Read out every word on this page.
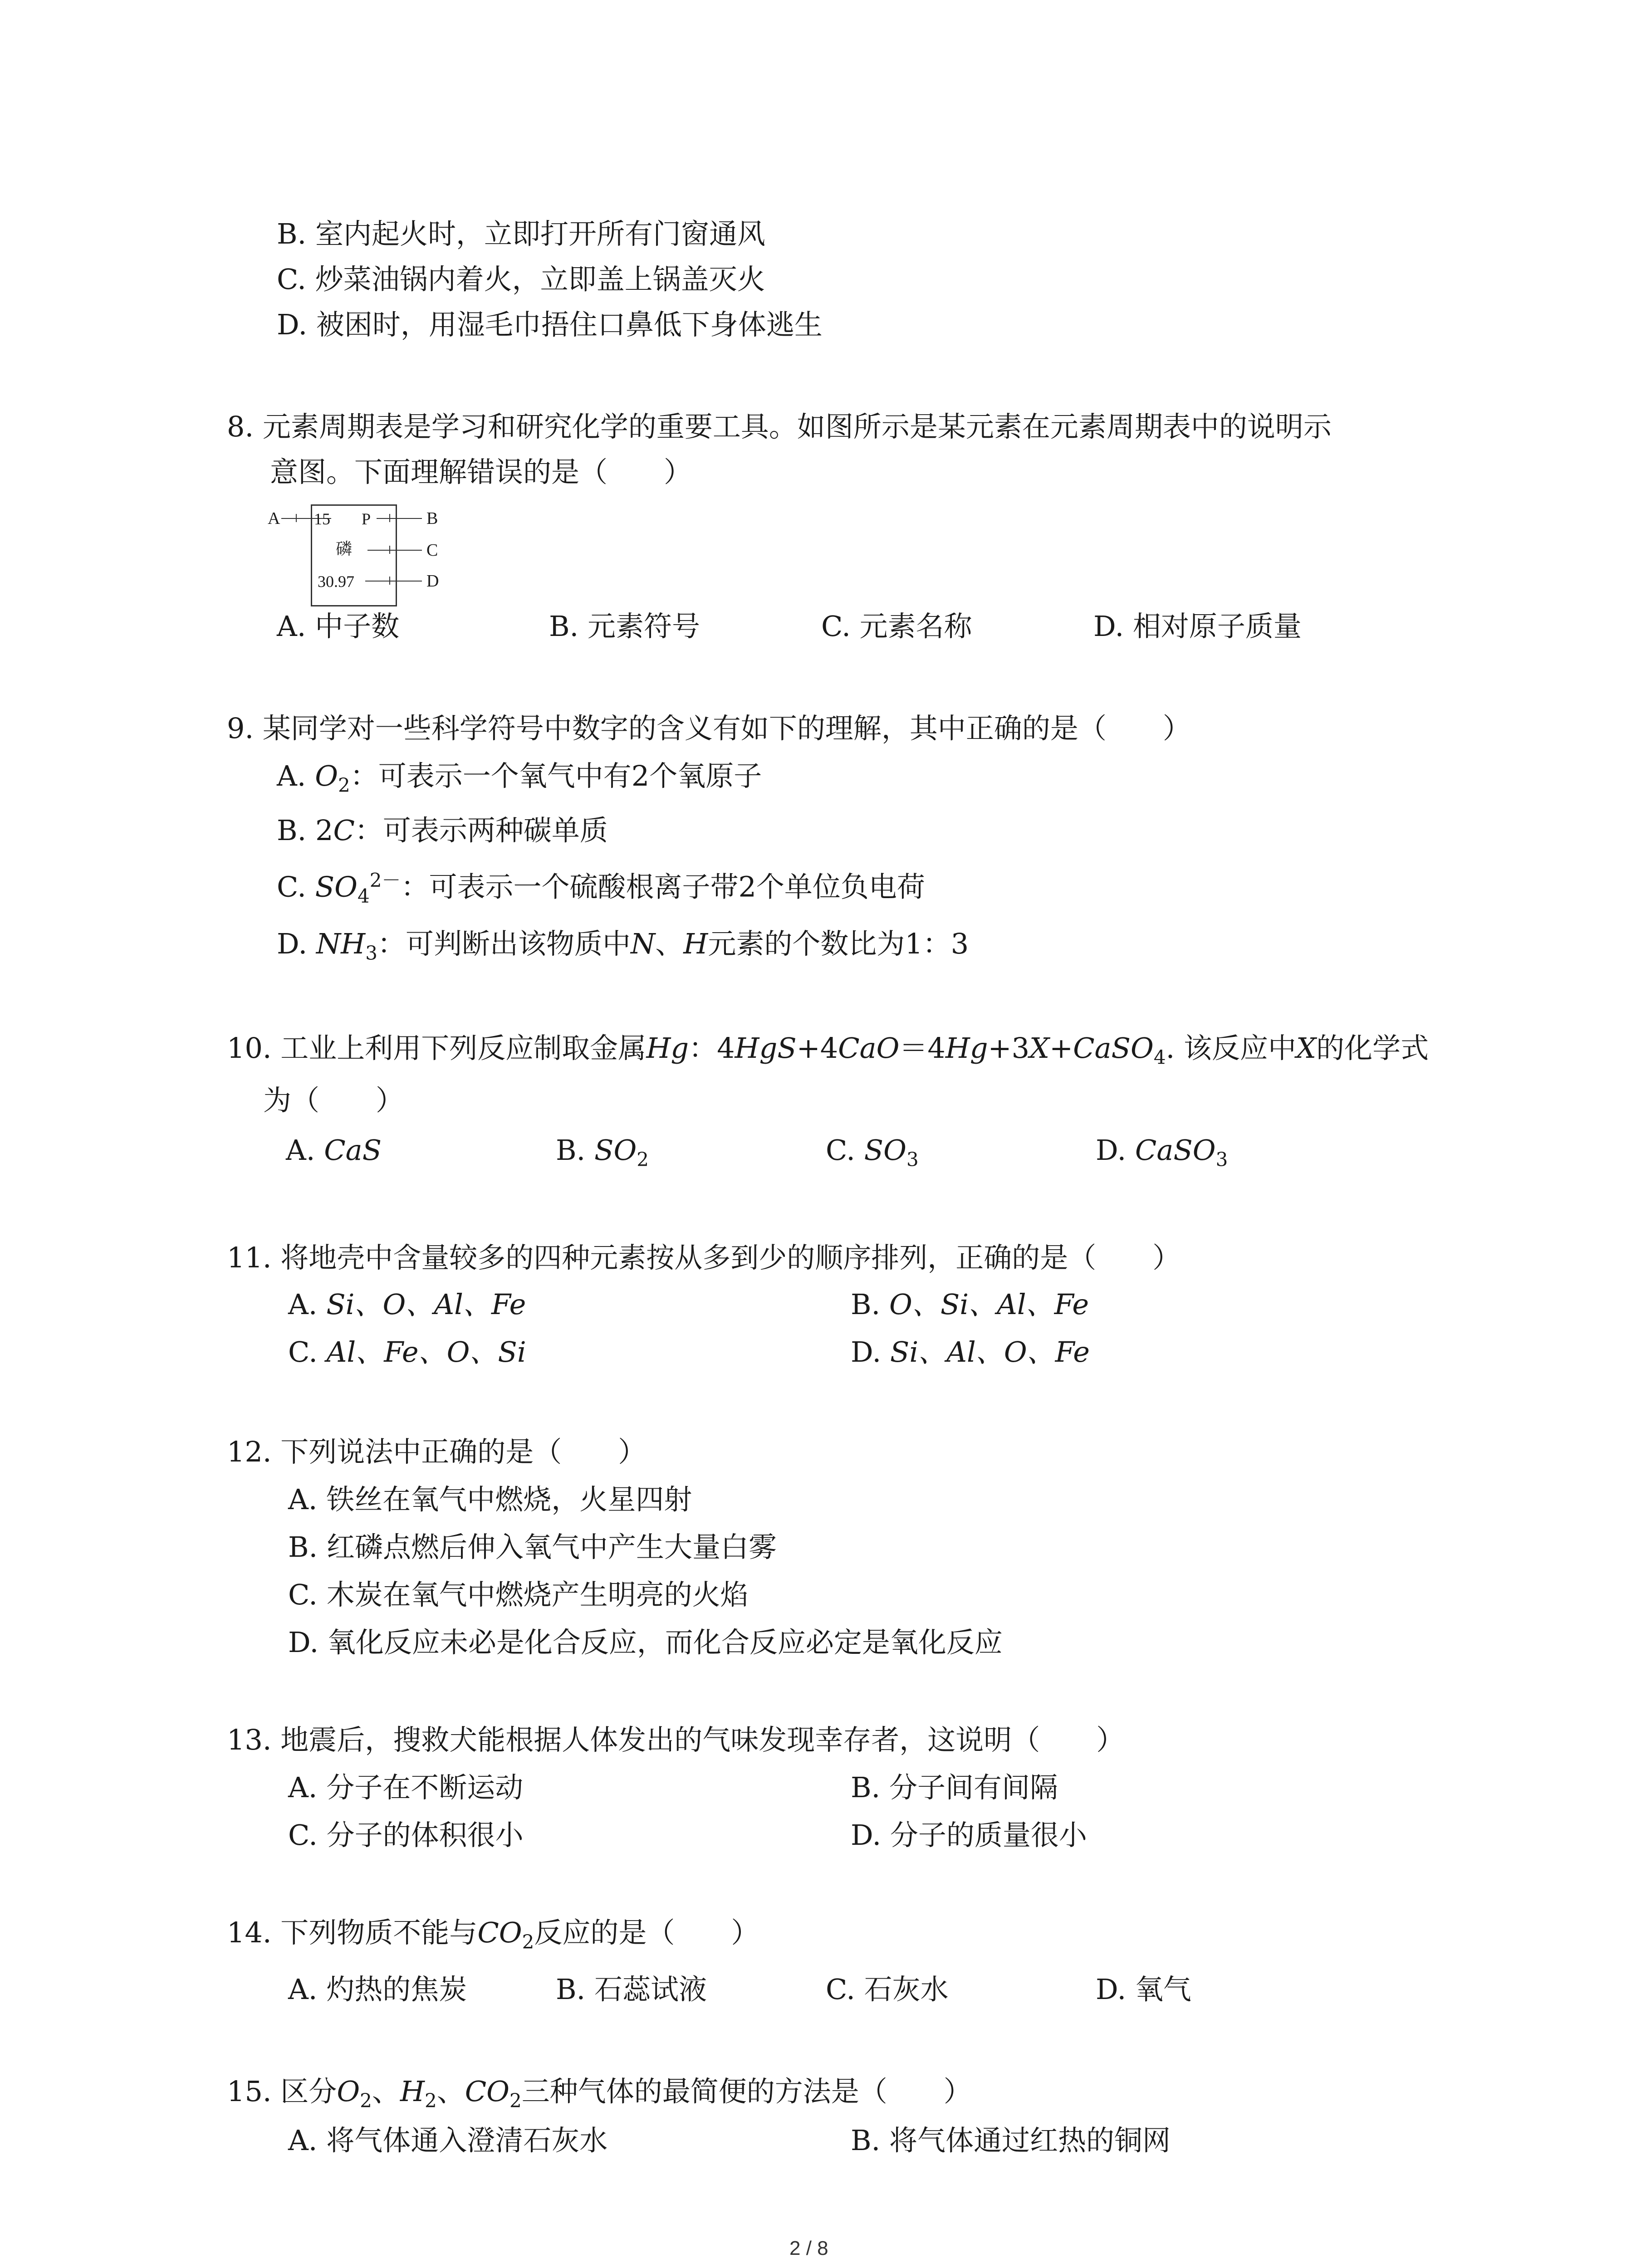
B. 室内起火时，立即打开所有门窗通风
C. 炒菜油锅内着火，立即盖上锅盖灭火
D. 被困时，用湿毛巾捂住口鼻低下身体逃生
8. 元素周期表是学习和研究化学的重要工具。如图所示是某元素在元素周期表中的说明示
意图。下面理解错误的是（　　）
A 15 P	B
磷	C
30.97	D
A. 中子数	B. 元素符号	C. 元素名称	D. 相对原子质量
9. 某同学对一些科学符号中数字的含义有如下的理解，其中正确的是（　　）
A. $O_2$：可表示一个氧气中有2个氧原子
B. 2C：可表示两种碳单质
C. $SO_4^{2-}$：可表示一个硫酸根离子带2个单位负电荷
D. $NH_3$：可判断出该物质中N、H元素的个数比为1：3
10. 工业上利用下列反应制取金属Hg：4HgS+4CaO＝4Hg+3X+CaSO$_4$. 该反应中X的化学式
为（　　）
A. CaS	B. $SO_2$	C. $SO_3$	D. CaSO$_3$
11. 将地壳中含量较多的四种元素按从多到少的顺序排列，正确的是（　　）
A. Si、O、Al、Fe	B. O、Si、Al、Fe
C. Al、Fe、O、Si	D. Si、Al、O、Fe
12. 下列说法中正确的是（　　）
A. 铁丝在氧气中燃烧，火星四射
B. 红磷点燃后伸入氧气中产生大量白雾
C. 木炭在氧气中燃烧产生明亮的火焰
D. 氧化反应未必是化合反应，而化合反应必定是氧化反应
13. 地震后，搜救犬能根据人体发出的气味发现幸存者，这说明（　　）
A. 分子在不断运动	B. 分子间有间隔
C. 分子的体积很小	D. 分子的质量很小
14. 下列物质不能与$CO_2$反应的是（　　）
A. 灼热的焦炭	B. 石蕊试液	C. 石灰水	D. 氧气
15. 区分$O_2$、$H_2$、$CO_2$三种气体的最简便的方法是（　　）
A. 将气体通入澄清石灰水	B. 将气体通过红热的铜网
2 / 8
